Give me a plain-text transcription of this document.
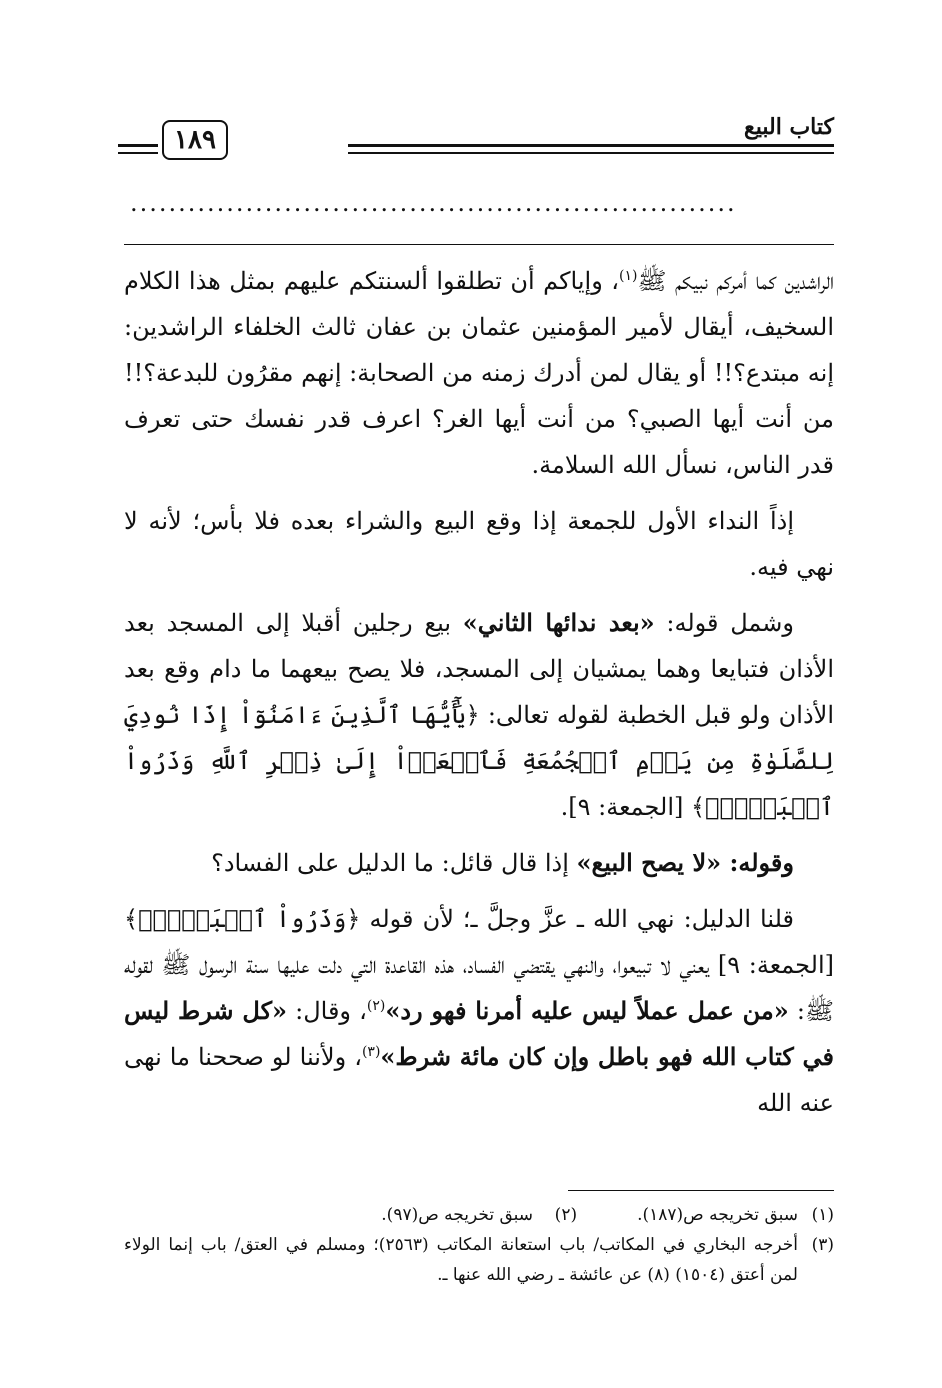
كتاب البيع
١٨٩
...............................................................

الراشدين كما أمركم نبيكم ﷺ$^{(١)}$، وإياكم أن تطلقوا ألسنتكم عليهم بمثل هذا الكلام السخيف، أيقال لأمير المؤمنين عثمان بن عفان ثالث الخلفاء الراشدين: إنه مبتدع؟!! أو يقال لمن أدرك زمنه من الصحابة: إنهم مقرُون للبدعة؟!! من أنت أيها الصبي؟ من أنت أيها الغر؟ اعرف قدر نفسك حتى تعرف قدر الناس، نسأل الله السلامة.

إذاً النداء الأول للجمعة إذا وقع البيع والشراء بعده فلا بأس؛ لأنه لا نهي فيه.

وشمل قوله: «بعد ندائها الثاني» بيع رجلين أقبلا إلى المسجد بعد الأذان فتبايعا وهما يمشيان إلى المسجد، فلا يصح بيعهما ما دام وقع بعد الأذان ولو قبل الخطبة لقوله تعالى: ﴿يَٰٓأَيُّهَا ٱلَّذِينَ ءَامَنُوٓاْ إِذَا نُودِيَ لِلصَّلَوٰةِ مِن يَوۡمِ ٱلۡجُمُعَةِ فَٱسۡعَوۡاْ إِلَىٰ ذِكۡرِ ٱللَّهِ وَذَرُواْ ٱلۡبَيۡعَۚ﴾ [الجمعة: ٩].

وقوله: «لا يصح البيع» إذا قال قائل: ما الدليل على الفساد؟

قلنا الدليل: نهي الله ـ عزَّ وجلَّ ـ؛ لأن قوله ﴿وَذَرُواْ ٱلۡبَيۡعَۚ﴾ [الجمعة: ٩] يعني لا تبيعوا، والنهي يقتضي الفساد، هذه القاعدة التي دلت عليها سنة الرسول ﷺ لقوله ﷺ: «من عمل عملاً ليس عليه أمرنا فهو رد»$^{(٢)}$، وقال: «كل شرط ليس في كتاب الله فهو باطل وإن كان مائة شرط»$^{(٣)}$، ولأننا لو صححنا ما نهى عنه الله

(١)
سبق تخريجه ص(١٨٧).(٢)    سبق تخريجه ص(٩٧).
(٣)
أخرجه البخاري في المكاتب/ باب استعانة المكاتب (٢٥٦٣)؛ ومسلم في العتق/ باب إنما الولاء لمن أعتق (١٥٠٤) (٨) عن عائشة ـ رضي الله عنها ـ.
